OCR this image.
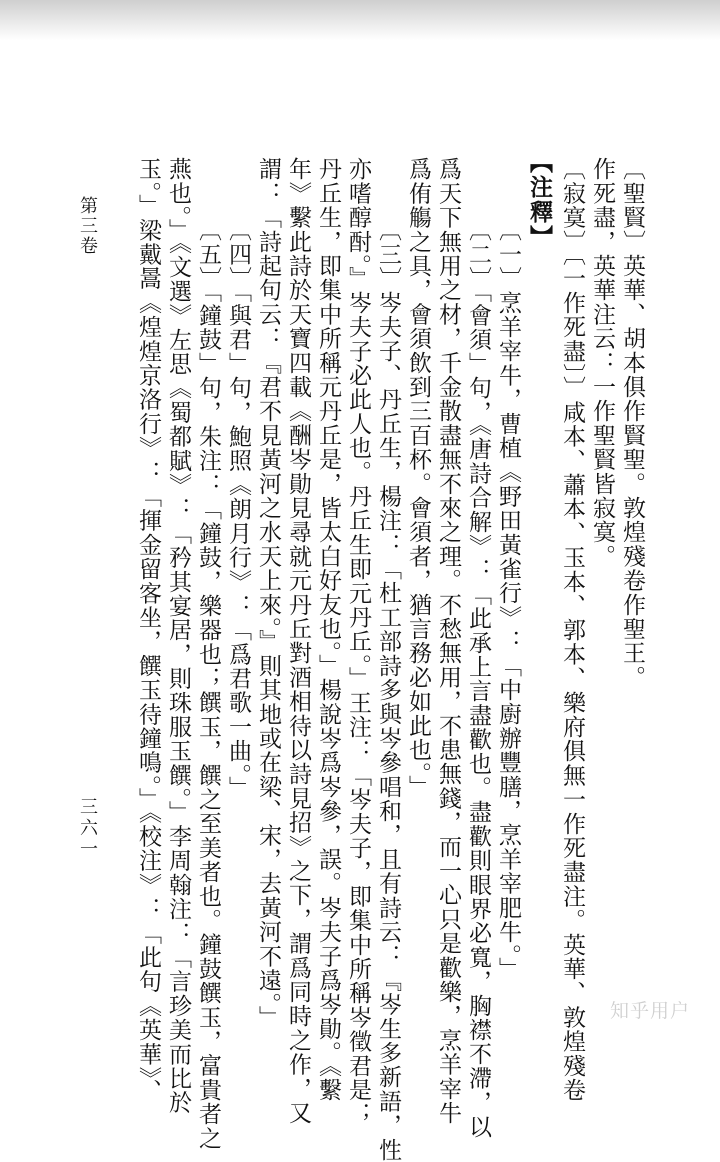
作死盡，英華注云：一作聖賢皆寂寞。

〔寂寞〕〔一作死盡〕〕咸本、蕭本、玉本、郭本、樂府俱無一作死盡注。英華、敦煌殘卷 〔聖賢〕英華、胡本俱作賢聖。敦煌殘卷作聖王。

【注釋】

〔一〕烹羊宰牛，曹植《野田黃雀行》：「中廚辦豐膳，烹羊宰肥牛。」

〔二〕「會須」句，《唐詩合解》：「此承上言盡歡也。盡歡則眼界必寬，胸襟不滯，以

爲天下無用之材，千金散盡無不來之理。不愁無用，不患無錢，而一心只是歡樂，烹羊宰牛

爲侑觴之具，會須飲到三百杯。會須者，猶言務必如此也。」

〔三〕岑夫子、丹丘生，楊注：「杜工部詩多與岑參唱和，且有詩云：『岑生多新語，性

亦嗜醇酎。』岑夫子必此人也。丹丘生即元丹丘。」王注：「岑夫子，即集中所稱岑徵君是；

丹丘生，即集中所稱元丹丘是，皆太白好友也。」楊說岑爲岑參，誤。岑夫子爲岑勛。《繫

年》繫此詩於天寶四載《酬岑勛見尋就元丹丘對酒相待以詩見招》之下，謂爲同時之作，又

謂：「詩起句云：『君不見黃河之水天上來。』則其地或在梁、宋，去黃河不遠。」

〔四〕「與君」句，鮑照《朗月行》：「爲君歌一曲。」

〔五〕「鐘鼓」句，朱注：「鐘鼓，樂器也；饌玉，饌之至美者也。鐘鼓饌玉，富貴者之

燕也。」《文選》左思《蜀都賦》：「矜其宴居，則珠服玉饌。」李周翰注：「言珍美而比於

玉。」梁戴暠《煌煌京洛行》：「揮金留客坐，饌玉待鐘鳴。」《校注》：「此句《英華》、

第三卷

三六一

知乎用户
